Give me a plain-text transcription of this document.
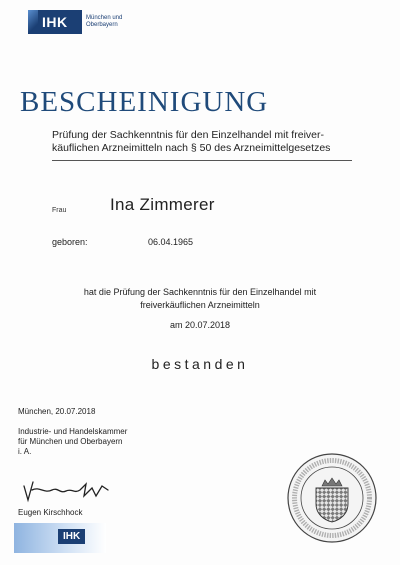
IHK	München und
Oberbayern
BESCHEINIGUNG
Prüfung der Sachkenntnis für den Einzelhandel mit freiver-
käuflichen Arzneimitteln nach § 50 des Arzneimittelgesetzes
Frau	Ina Zimmerer
geboren:	06.04.1965
hat die Prüfung der Sachkenntnis für den Einzelhandel mit
freiverkäuflichen Arzneimitteln
am 20.07.2018
bestanden
München, 20.07.2018
Industrie- und Handelskammer
für München und Oberbayern
i. A.
Eugen Kirschhock
IHK
